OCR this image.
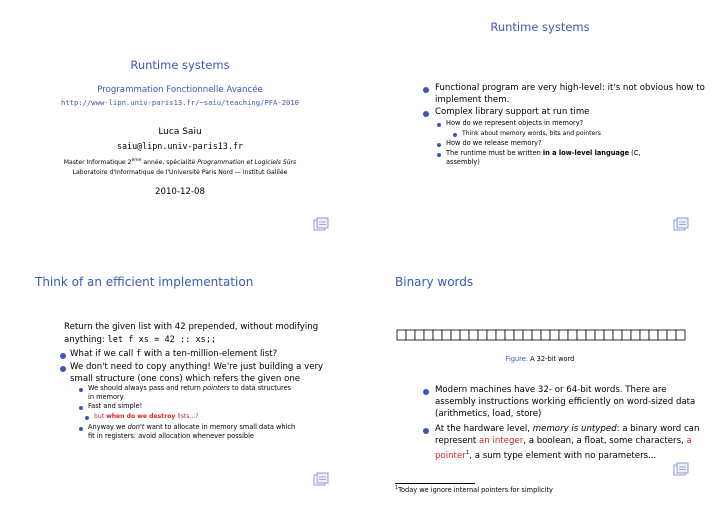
Runtime systems
Programmation Fonctionnelle Avancée
http://www-lipn.univ-paris13.fr/~saiu/teaching/PFA-2010
Luca Saiu
saiu@lipn.univ-paris13.fr
Master Informatique 2ème année, spécialité Programmation et Logiciels Sûrs
Laboratoire d'Informatique de l'Université Paris Nord — Institut Galilée
2010-12-08
Runtime systems
Functional program are very high-level: it's not obvious how to
implement them.
Complex library support at run time
How do we represent objects in memory?
Think about memory words, bits and pointers
How do we release memory?
The runtime must be written in a low-level language (C,
assembly)
Think of an efficient implementation
Return the given list with 42 prepended, without modifying
anything: let f xs = 42 :: xs;;
What if we call f with a ten-million-element list?
We don't need to copy anything! We're just building a very
small structure (one cons) which refers the given one
We should always pass and return pointers to data structures
in memory
Fast and simple!
but when do we destroy lists...?
Anyway we don't want to allocate in memory small data which
fit in registers: avoid allocation whenever possible
Binary words
Figure: A 32-bit word
Modern machines have 32- or 64-bit words. There are
assembly instructions working efficiently on word-sized data
(arithmetics, load, store)
At the hardware level, memory is untyped: a binary word can
represent an integer, a boolean, a float, some characters, a
pointer$^1$, a sum type element with no parameters...
$^1$Today we ignore internal pointers for simplicity
